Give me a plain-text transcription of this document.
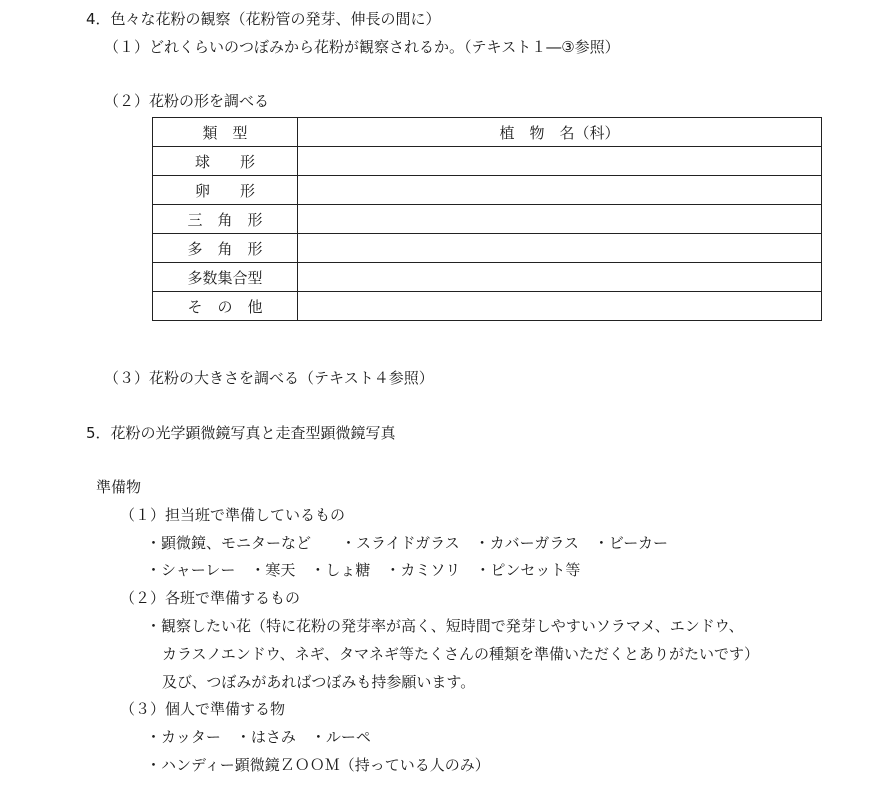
4．色々な花粉の観察（花粉管の発芽、伸長の間に）
（１）どれくらいのつぼみから花粉が観察されるか。（テキスト１―③参照）
（２）花粉の形を調べる
類　型	植　物　名（科）
球　　形	
卵　　形	
三　角　形	
多　角　形	
多数集合型	
そ　の　他	
（３）花粉の大きさを調べる（テキスト４参照）
5．花粉の光学顕微鏡写真と走査型顕微鏡写真
準備物
（１）担当班で準備しているもの
・顕微鏡、モニターなど　　・スライドガラス　・カバーガラス　・ビーカー
・シャーレー　・寒天　・しょ糖　・カミソリ　・ピンセット等
（２）各班で準備するもの
・観察したい花（特に花粉の発芽率が高く、短時間で発芽しやすいソラマメ、エンドウ、
カラスノエンドウ、ネギ、タマネギ等たくさんの種類を準備いただくとありがたいです）
及び、つぼみがあればつぼみも持参願います。
（３）個人で準備する物
・カッター　・はさみ　・ルーペ
・ハンディー顕微鏡ＺＯＯＭ（持っている人のみ）
